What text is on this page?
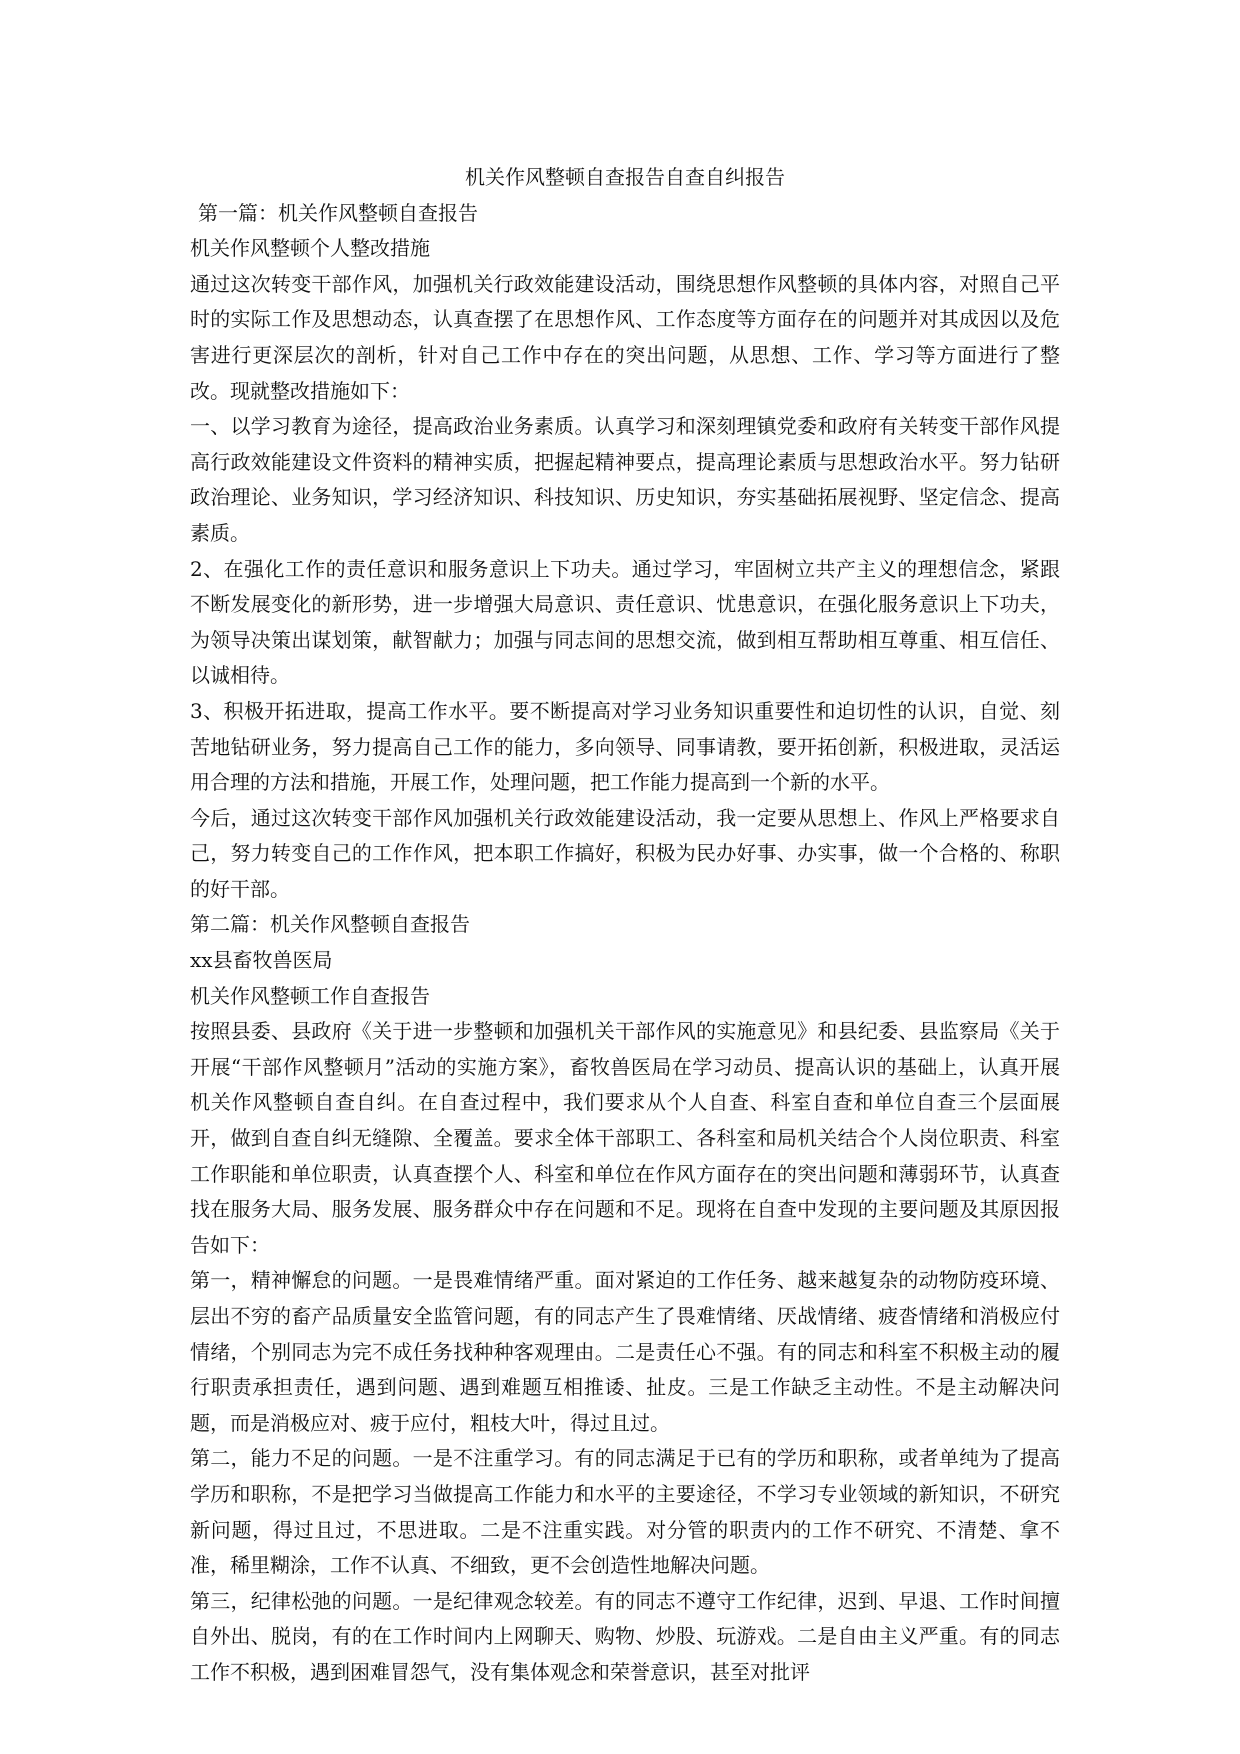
机关作风整顿自查报告自查自纠报告

第一篇：机关作风整顿自查报告

机关作风整顿个人整改措施

通过这次转变干部作风，加强机关行政效能建设活动，围绕思想作风整顿的具体内容，对照自己平时的实际工作及思想动态，认真查摆了在思想作风、工作态度等方面存在的问题并对其成因以及危害进行更深层次的剖析，针对自己工作中存在的突出问题，从思想、工作、学习等方面进行了整改。现就整改措施如下：

一、以学习教育为途径，提高政治业务素质。认真学习和深刻理镇党委和政府有关转变干部作风提高行政效能建设文件资料的精神实质，把握起精神要点，提高理论素质与思想政治水平。努力钻研政治理论、业务知识，学习经济知识、科技知识、历史知识，夯实基础拓展视野、坚定信念、提高素质。

2、在强化工作的责任意识和服务意识上下功夫。通过学习，牢固树立共产主义的理想信念，紧跟不断发展变化的新形势，进一步增强大局意识、责任意识、忧患意识，在强化服务意识上下功夫，为领导决策出谋划策，献智献力；加强与同志间的思想交流，做到相互帮助相互尊重、相互信任、以诚相待。

3、积极开拓进取，提高工作水平。要不断提高对学习业务知识重要性和迫切性的认识，自觉、刻苦地钻研业务，努力提高自己工作的能力，多向领导、同事请教，要开拓创新，积极进取，灵活运用合理的方法和措施，开展工作，处理问题，把工作能力提高到一个新的水平。

今后，通过这次转变干部作风加强机关行政效能建设活动，我一定要从思想上、作风上严格要求自己，努力转变自己的工作作风，把本职工作搞好，积极为民办好事、办实事，做一个合格的、称职的好干部。

第二篇：机关作风整顿自查报告

xx县畜牧兽医局

机关作风整顿工作自查报告

按照县委、县政府《关于进一步整顿和加强机关干部作风的实施意见》和县纪委、县监察局《关于开展“干部作风整顿月”活动的实施方案》，畜牧兽医局在学习动员、提高认识的基础上，认真开展机关作风整顿自查自纠。在自查过程中，我们要求从个人自查、科室自查和单位自查三个层面展开，做到自查自纠无缝隙、全覆盖。要求全体干部职工、各科室和局机关结合个人岗位职责、科室工作职能和单位职责，认真查摆个人、科室和单位在作风方面存在的突出问题和薄弱环节，认真查找在服务大局、服务发展、服务群众中存在问题和不足。现将在自查中发现的主要问题及其原因报告如下：

第一，精神懈怠的问题。一是畏难情绪严重。面对紧迫的工作任务、越来越复杂的动物防疫环境、层出不穷的畜产品质量安全监管问题，有的同志产生了畏难情绪、厌战情绪、疲沓情绪和消极应付情绪，个别同志为完不成任务找种种客观理由。二是责任心不强。有的同志和科室不积极主动的履行职责承担责任，遇到问题、遇到难题互相推诿、扯皮。三是工作缺乏主动性。不是主动解决问题，而是消极应对、疲于应付，粗枝大叶，得过且过。

第二，能力不足的问题。一是不注重学习。有的同志满足于已有的学历和职称，或者单纯为了提高学历和职称，不是把学习当做提高工作能力和水平的主要途径，不学习专业领域的新知识，不研究新问题，得过且过，不思进取。二是不注重实践。对分管的职责内的工作不研究、不清楚、拿不准，稀里糊涂，工作不认真、不细致，更不会创造性地解决问题。

第三，纪律松弛的问题。一是纪律观念较差。有的同志不遵守工作纪律，迟到、早退、工作时间擅自外出、脱岗，有的在工作时间内上网聊天、购物、炒股、玩游戏。二是自由主义严重。有的同志工作不积极，遇到困难冒怨气，没有集体观念和荣誉意识，甚至对批评
